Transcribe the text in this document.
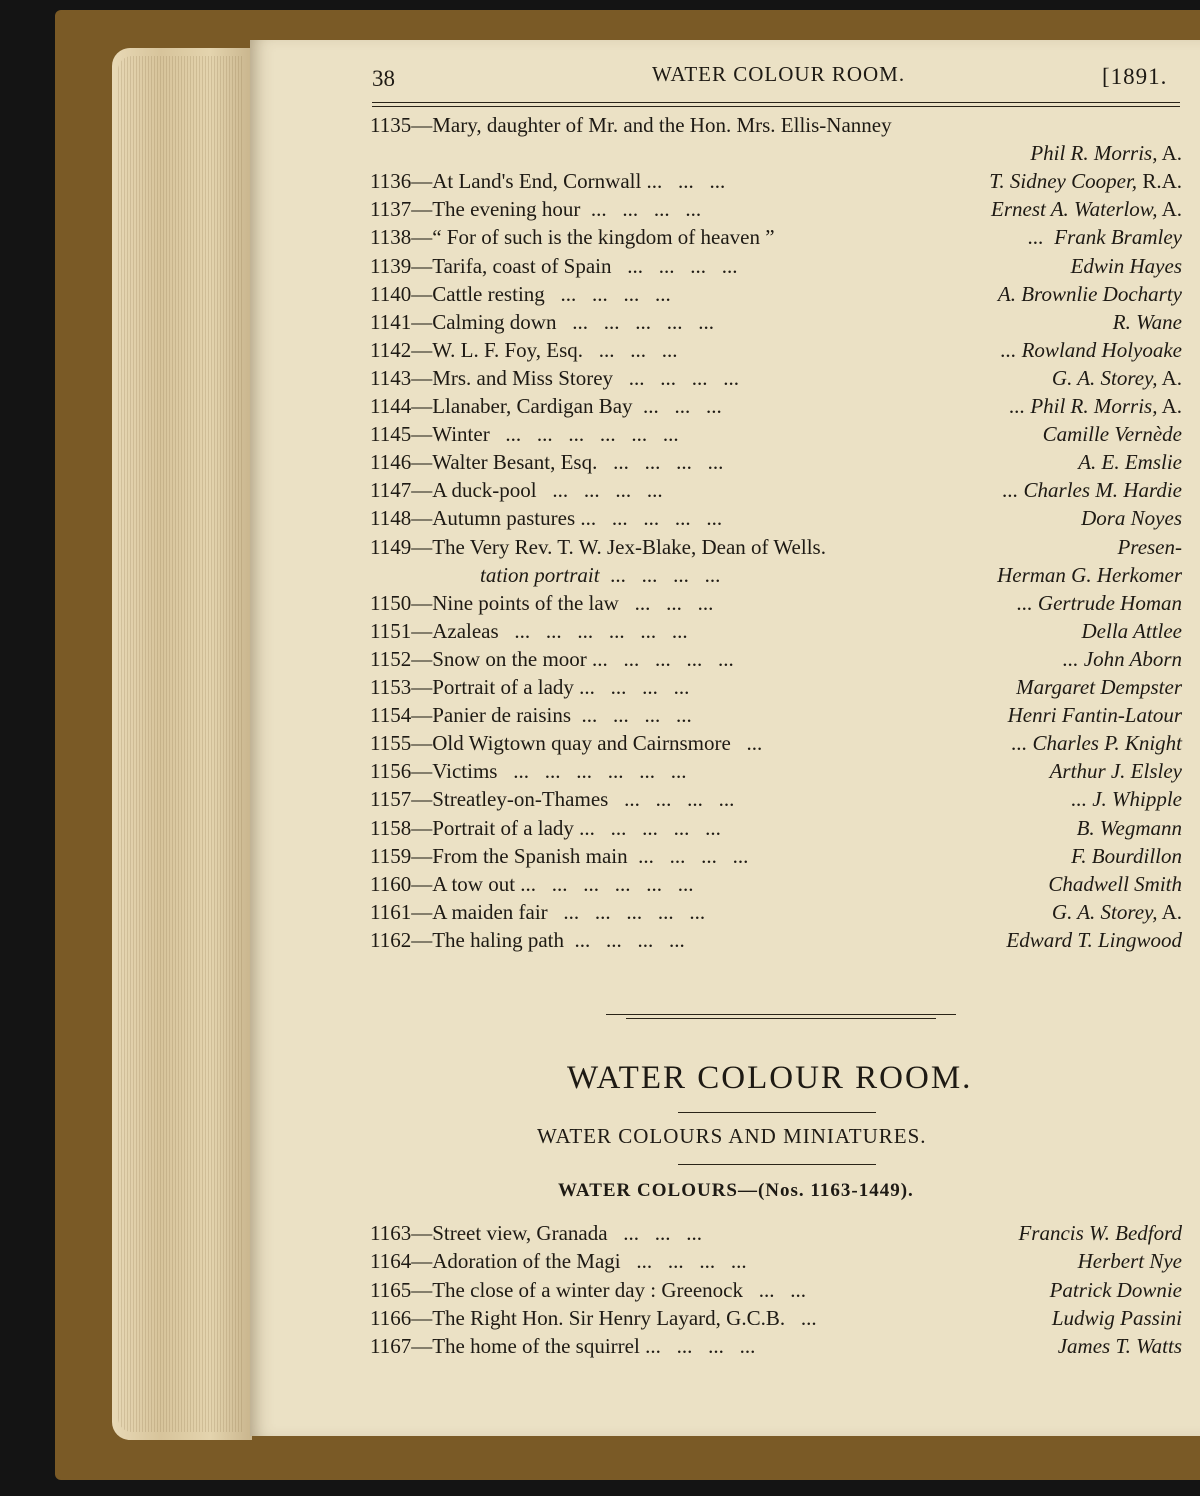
38	WATER COLOUR ROOM.	[1891.
1135—Mary, daughter of Mr. and the Hon. Mrs. Ellis-Nanney
Phil R. Morris, A.
1136—At Land's End, Cornwall ...   ...   ...	T. Sidney Cooper, R.A.
1137—The evening hour  ...   ...   ...   ...	Ernest A. Waterlow, A.
1138—“ For of such is the kingdom of heaven ”	...  Frank Bramley
1139—Tarifa, coast of Spain   ...   ...   ...   ...	Edwin Hayes
1140—Cattle resting   ...   ...   ...   ...	A. Brownlie Docharty
1141—Calming down   ...   ...   ...   ...   ...	R. Wane
1142—W. L. F. Foy, Esq.   ...   ...   ...	... Rowland Holyoake
1143—Mrs. and Miss Storey   ...   ...   ...   ...	G. A. Storey, A.
1144—Llanaber, Cardigan Bay  ...   ...   ...	... Phil R. Morris, A.
1145—Winter   ...   ...   ...   ...   ...   ...	Camille Vernède
1146—Walter Besant, Esq.   ...   ...   ...   ...	A. E. Emslie
1147—A duck-pool   ...   ...   ...   ...	... Charles M. Hardie
1148—Autumn pastures ...   ...   ...   ...   ...	Dora Noyes
1149—The Very Rev. T. W. Jex-Blake, Dean of Wells.	Presen-
tation portrait  ...   ...   ...   ...	Herman G. Herkomer
1150—Nine points of the law   ...   ...   ...	... Gertrude Homan
1151—Azaleas   ...   ...   ...   ...   ...   ...	Della Attlee
1152—Snow on the moor ...   ...   ...   ...   ...	... John Aborn
1153—Portrait of a lady ...   ...   ...   ...	Margaret Dempster
1154—Panier de raisins  ...   ...   ...   ...	Henri Fantin-Latour
1155—Old Wigtown quay and Cairnsmore   ...	... Charles P. Knight
1156—Victims   ...   ...   ...   ...   ...   ...	Arthur J. Elsley
1157—Streatley-on-Thames   ...   ...   ...   ...	... J. Whipple
1158—Portrait of a lady ...   ...   ...   ...   ...	B. Wegmann
1159—From the Spanish main  ...   ...   ...   ...	F. Bourdillon
1160—A tow out ...   ...   ...   ...   ...   ...	Chadwell Smith
1161—A maiden fair   ...   ...   ...   ...   ...	G. A. Storey, A.
1162—The haling path  ...   ...   ...   ...	Edward T. Lingwood
WATER COLOUR ROOM.
WATER COLOURS AND MINIATURES.
WATER COLOURS—(Nos. 1163-1449).
1163—Street view, Granada   ...   ...   ...	Francis W. Bedford
1164—Adoration of the Magi   ...   ...   ...   ...	Herbert Nye
1165—The close of a winter day : Greenock   ...   ...	Patrick Downie
1166—The Right Hon. Sir Henry Layard, G.C.B.   ...	Ludwig Passini
1167—The home of the squirrel ...   ...   ...   ...	James T. Watts
